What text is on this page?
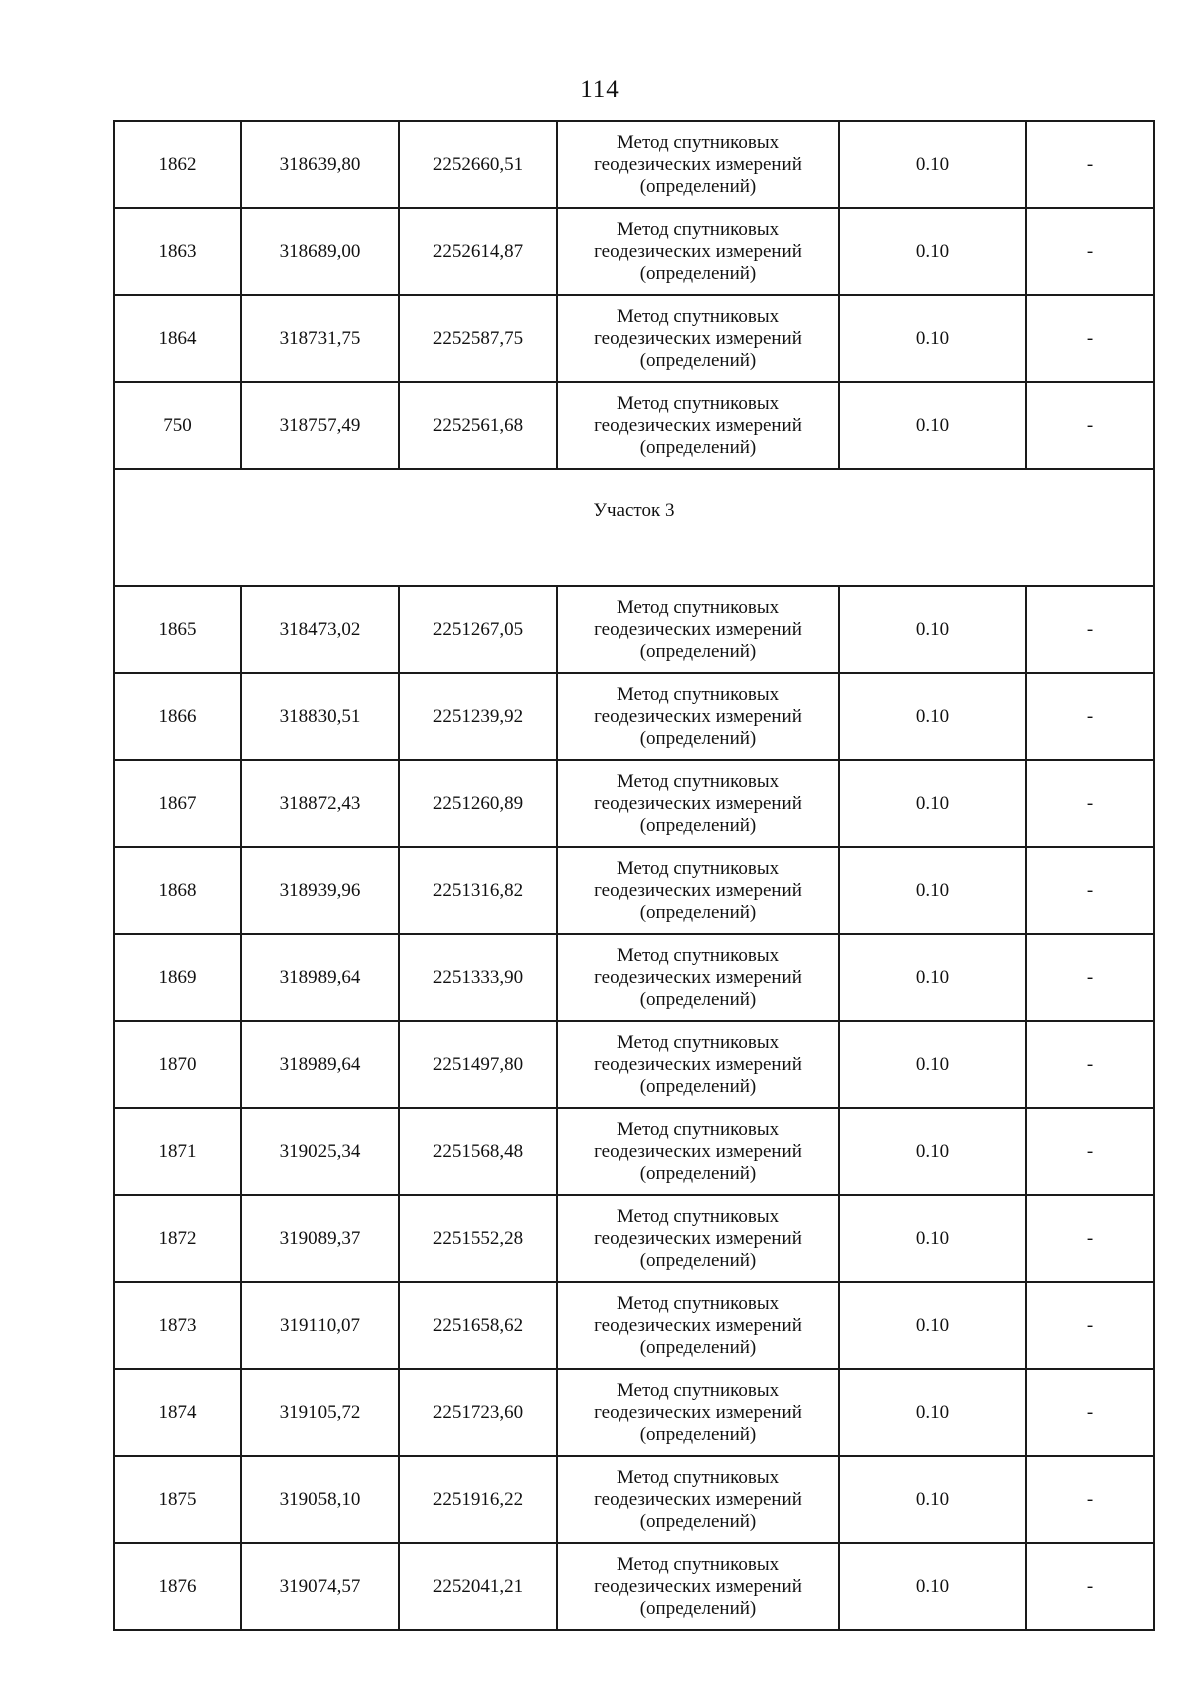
114
1862	318639,80	2252660,51	Метод спутниковых геодезических измерений (определений)	0.10	-
1863	318689,00	2252614,87	Метод спутниковых геодезических измерений (определений)	0.10	-
1864	318731,75	2252587,75	Метод спутниковых геодезических измерений (определений)	0.10	-
750	318757,49	2252561,68	Метод спутниковых геодезических измерений (определений)	0.10	-
Участок 3					
1865	318473,02	2251267,05	Метод спутниковых геодезических измерений (определений)	0.10	-
1866	318830,51	2251239,92	Метод спутниковых геодезических измерений (определений)	0.10	-
1867	318872,43	2251260,89	Метод спутниковых геодезических измерений (определений)	0.10	-
1868	318939,96	2251316,82	Метод спутниковых геодезических измерений (определений)	0.10	-
1869	318989,64	2251333,90	Метод спутниковых геодезических измерений (определений)	0.10	-
1870	318989,64	2251497,80	Метод спутниковых геодезических измерений (определений)	0.10	-
1871	319025,34	2251568,48	Метод спутниковых геодезических измерений (определений)	0.10	-
1872	319089,37	2251552,28	Метод спутниковых геодезических измерений (определений)	0.10	-
1873	319110,07	2251658,62	Метод спутниковых геодезических измерений (определений)	0.10	-
1874	319105,72	2251723,60	Метод спутниковых геодезических измерений (определений)	0.10	-
1875	319058,10	2251916,22	Метод спутниковых геодезических измерений (определений)	0.10	-
1876	319074,57	2252041,21	Метод спутниковых геодезических измерений (определений)	0.10	-
